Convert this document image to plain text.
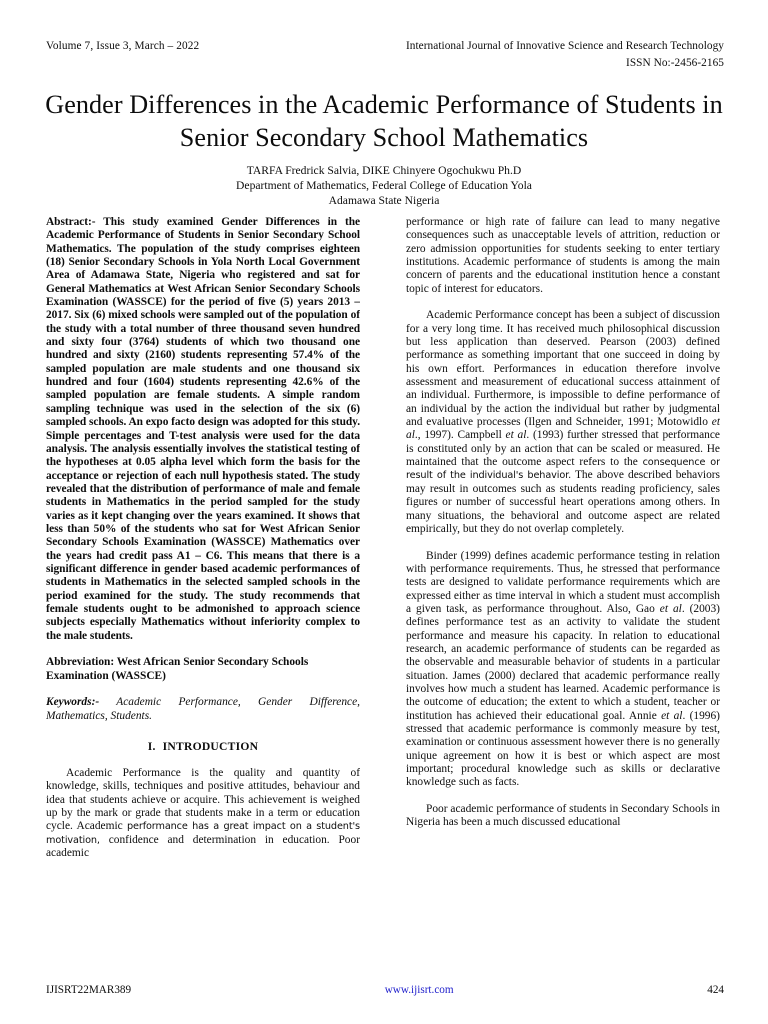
Volume 7, Issue 3, March – 2022	International Journal of Innovative Science and Research Technology
ISSN No:-2456-2165
Gender Differences in the Academic Performance of Students in Senior Secondary School Mathematics
TARFA Fredrick Salvia, DIKE Chinyere Ogochukwu Ph.D
Department of Mathematics, Federal College of Education Yola
Adamawa State Nigeria

Abstract:- This study examined Gender Differences in the Academic Performance of Students in Senior Secondary School Mathematics. The population of the study comprises eighteen (18) Senior Secondary Schools in Yola North Local Government Area of Adamawa State, Nigeria who registered and sat for General Mathematics at West African Senior Secondary Schools Examination (WASSCE) for the period of five (5) years 2013 – 2017. Six (6) mixed schools were sampled out of the population of the study with a total number of three thousand seven hundred and sixty four (3764) students of which two thousand one hundred and sixty (2160) students representing 57.4% of the sampled population are male students and one thousand six hundred and four (1604) students representing 42.6% of the sampled population are female students. A simple random sampling technique was used in the selection of the six (6) sampled schools. An expo facto design was adopted for this study. Simple percentages and T-test analysis were used for the data analysis. The analysis essentially involves the statistical testing of the hypotheses at 0.05 alpha level which form the basis for the acceptance or rejection of each null hypothesis stated. The study revealed that the distribution of performance of male and female students in Mathematics in the period sampled for the study varies as it kept changing over the years examined. It shows that less than 50% of the students who sat for West African Senior Secondary Schools Examination (WASSCE) Mathematics over the years had credit pass A1 – C6. This means that there is a significant difference in gender based academic performances of students in Mathematics in the selected sampled schools in the period examined for the study. The study recommends that female students ought to be admonished to approach science subjects especially Mathematics without inferiority complex to the male students.

Abbreviation: West African Senior Secondary Schools Examination (WASSCE)

Keywords:- Academic Performance, Gender Difference, Mathematics, Students.

I. INTRODUCTION

Academic Performance is the quality and quantity of knowledge, skills, techniques and positive attitudes, behaviour and idea that students achieve or acquire. This achievement is weighed up by the mark or grade that students make in a term or education cycle. Academic performance has a great impact on a student's motivation, confidence and determination in education. Poor academic

performance or high rate of failure can lead to many negative consequences such as unacceptable levels of attrition, reduction or zero admission opportunities for students seeking to enter tertiary institutions. Academic performance of students is among the main concern of parents and the educational institution hence a constant topic of interest for educators.

Academic Performance concept has been a subject of discussion for a very long time. It has received much philosophical discussion but less application than deserved. Pearson (2003) defined performance as something important that one succeed in doing by his own effort. Performances in education therefore involve assessment and measurement of educational success attainment of an individual. Furthermore, is impossible to define performance of an individual by the action the individual but rather by judgmental and evaluative processes (Ilgen and Schneider, 1991; Motowidlo et al., 1997). Campbell et al. (1993) further stressed that performance is constituted only by an action that can be scaled or measured. He maintained that the outcome aspect refers to the consequence or result of the individual's behavior. The above described behaviors may result in outcomes such as students reading proficiency, sales figures or number of successful heart operations among others. In many situations, the behavioral and outcome aspect are related empirically, but they do not overlap completely.

Binder (1999) defines academic performance testing in relation with performance requirements. Thus, he stressed that performance tests are designed to validate performance requirements which are expressed either as time interval in which a student must accomplish a given task, as performance throughout. Also, Gao et al. (2003) defines performance test as an activity to validate the student performance and measure his capacity. In relation to educational research, an academic performance of students can be regarded as the observable and measurable behavior of students in a particular situation. James (2000) declared that academic performance really involves how much a student has learned. Academic performance is the outcome of education; the extent to which a student, teacher or institution has achieved their educational goal. Annie et al. (1996) stressed that academic performance is commonly measure by test, examination or continuous assessment however there is no generally unique agreement on how it is best or which aspect are most important; procedural knowledge such as skills or declarative knowledge such as facts.

Poor academic performance of students in Secondary Schools in Nigeria has been a much discussed educational

IJISRT22MAR389	www.ijisrt.com	424
